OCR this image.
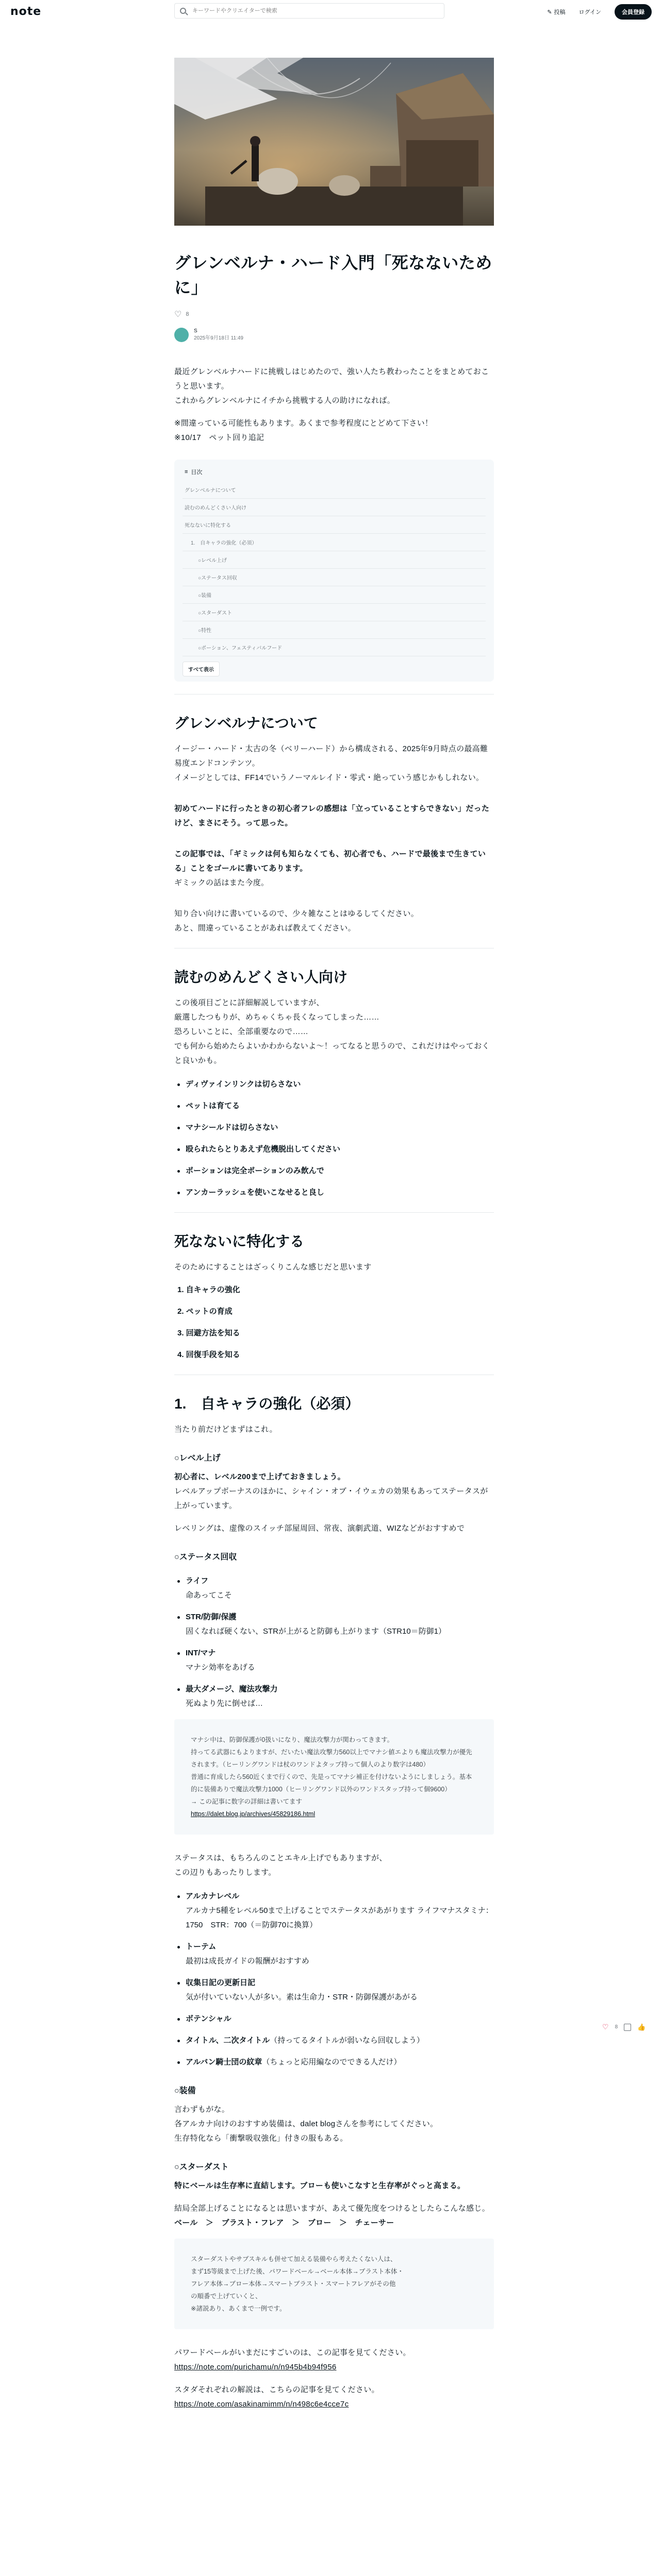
note
キーワードやクリエイターで検索	✎ 投稿	ログイン	会員登録
グレンベルナ・ハード入門「死なないために」
♡ 8
S
2025年9月18日 11:49
最近グレンベルナハードに挑戦しはじめたので、強い人たち教わったことをまとめておこうと思います。
これからグレンベルナにイチから挑戦する人の助けになれば。
※間違っている可能性もあります。あくまで参考程度にとどめて下さい！
※10/17　ペット回り追記
≡ 目次
グレンベルナについて
読むのめんどくさい人向け
死なないに特化する
1.　自キャラの強化（必須）
○レベル上げ
○ステータス回収
○装備
○スターダスト
○特性
○ポーション、フェスティバルフード
すべて表示
グレンベルナについて
イージー・ハード・太古の冬（ベリーハード）から構成される、2025年9月時点の最高難易度エンドコンテンツ。
イメージとしては、FF14でいうノーマルレイド・零式・絶っていう感じかもしれない。
初めてハードに行ったときの初心者フレの感想は「立っていることすらできない」だったけど、まさにそう。って思った。
この記事では、「ギミックは何も知らなくても、初心者でも、ハードで最後まで生きている」ことをゴールに書いてあります。
ギミックの話はまた今度。
知り合い向けに書いているので、少々雑なことはゆるしてください。
あと、間違っていることがあれば教えてください。
読むのめんどくさい人向け
この後項目ごとに詳細解説していますが、
厳選したつもりが、めちゃくちゃ長くなってしまった……
恐ろしいことに、全部重要なので……
でも何から始めたらよいかわからないよ～！ってなると思うので、これだけはやっておくと良いかも。
ディヴァインリンクは切らさない
ペットは育てる
マナシールドは切らさない
殴られたらとりあえず危機脱出してください
ポーションは完全ポーションのみ飲んで
アンカーラッシュを使いこなせると良し
死なないに特化する
そのためにすることはざっくりこんな感じだと思います
1. 自キャラの強化
2. ペットの育成
3. 回避方法を知る
4. 回復手段を知る
1.　自キャラの強化（必須）
当たり前だけどまずはこれ。
○レベル上げ
初心者に、レベル200まで上げておきましょう。
レベルアップボーナスのほかに、シャイン・オブ・イウェカの効果もあってステータスが上がっています。
レベリングは、虚像のスイッチ部屋周回、常夜、演劇武道、WIZなどがおすすめで
○ステータス回収
ライフ
命あってこそ
STR/防御/保護
固くなれば硬くない、STRが上がると防御も上がります（STR10＝防御1）
INT/マナ
マナシ効率をあげる
最大ダメージ、魔法攻撃力
死ぬより先に倒せば…
マナシ中は、防御保護が0扱いになり、魔法攻撃力が関わってきます。
持ってる武器にもよりますが、だいたい魔法攻撃力560以上でマナシ値エよりも魔法攻撃力が優先されます。（ヒーリングワンドは杖のワンドよタップ持って個人のより数字は480）
普通に育成したら560近くまで行くので、先是ってマナシ補正を付けないようにしましょう。基本的に装備ありで魔法攻撃力1000（ヒーリングワンド以外のワンドスタップ持って個9600）
→ この記事に数字の詳細は書いてます
https://dalet.blog.jp/archives/45829186.html
ステータスは、もちろんのことエキル上げでもありますが、
この辺りもあったりします。
アルカナレベル
アルカナ5種をレベル50まで上げることでステータスがあがります ライフマナスタミナ：1750　STR：700（＝防御70に換算）
トーテム
最初は成長ガイドの報酬がおすすめ
収集日記の更新日記
気が付いていない人が多い。素は生命力・STR・防御保護があがる
ボテンシャル
タイトル、二次タイトル（持ってるタイトルが弱いなら回収しよう）
アルバン騎士団の紋章（ちょっと応用編なのでできる人だけ）
○装備
言わずもがな。
各アルカナ向けのおすすめ装備は、dalet blogさんを参考にしてください。
生存特化なら「衝撃吸収強化」付きの服もある。
○スターダスト
特にベールは生存率に直結します。ブローも使いこなすと生存率がぐっと高まる。
結局全部上げることになるとは思いますが、あえて優先度をつけるとしたらこんな感じ。
ベール　＞　ブラスト・フレア　＞　ブロー　＞　チェーサー
スターダストやサブスキルも併せて加える装備やら考えたくない人は、
まず15等級まで上げた後、パワードベール→ベール本体→ブラスト本体・
フレア本体→ブロー本体→スマートブラスト・スマートフレアがその他
の順番で上げていくと、
※諸説あり、あくまで一例です。
パワードベールがいまだにすごいのは、この記事を見てください。
https://note.com/purichamu/n/n945b4b94f956
スタダそれぞれの解説は、こちらの記事を見てください。
https://note.com/asakinamimm/n/n498c6e4cce7c
♡ 8	👍
